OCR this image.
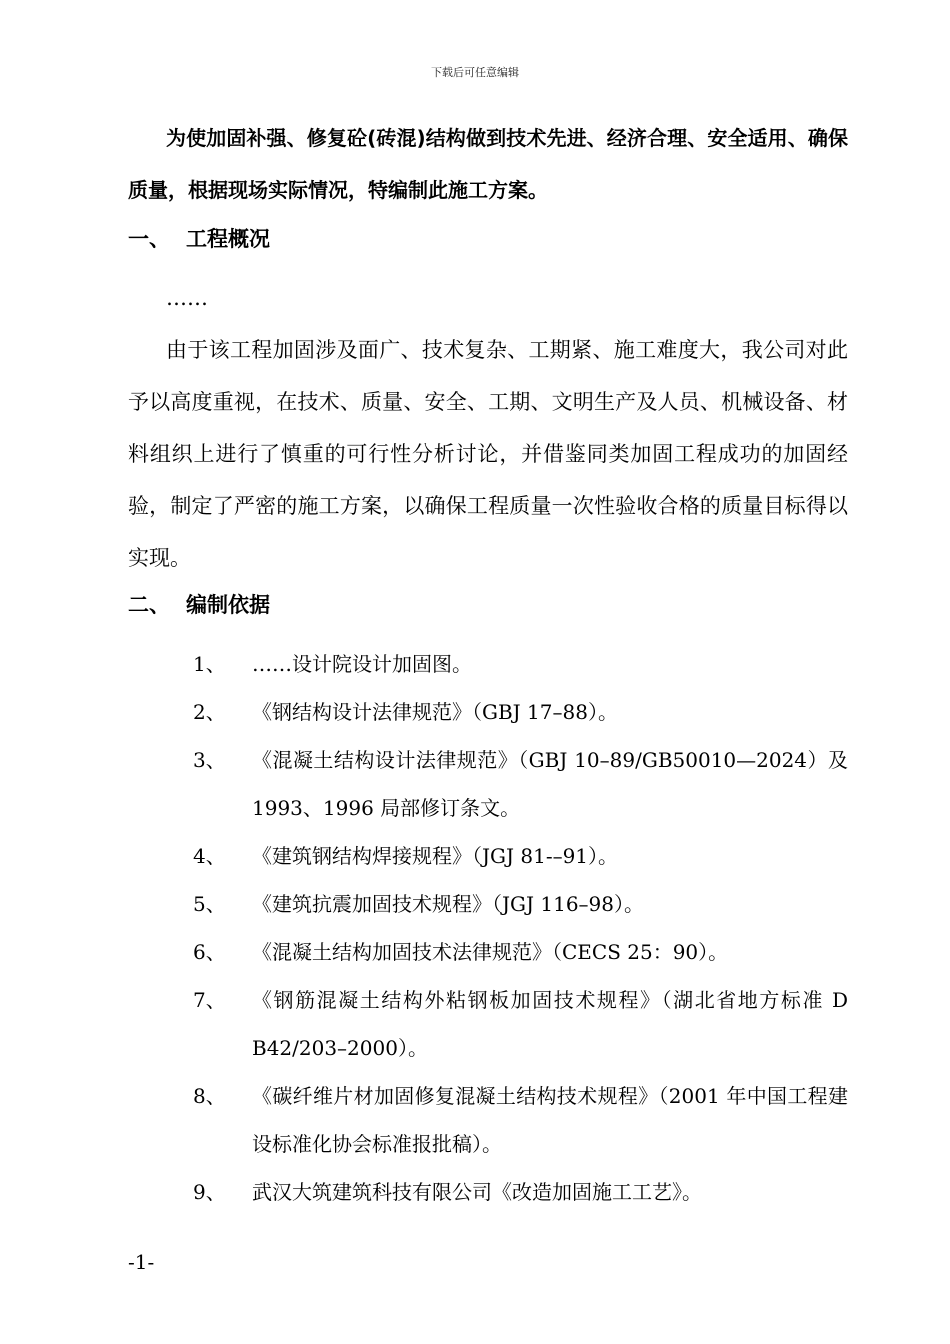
下载后可任意编辑

为使加固补强、修复砼(砖混)结构做到技术先进、经济合理、安全适用、确保质量，根据现场实际情况，特编制此施工方案。

一、 工程概况

……

由于该工程加固涉及面广、技术复杂、工期紧、施工难度大，我公司对此予以高度重视，在技术、质量、安全、工期、文明生产及人员、机械设备、材料组织上进行了慎重的可行性分析讨论，并借鉴同类加固工程成功的加固经验，制定了严密的施工方案，以确保工程质量一次性验收合格的质量目标得以实现。

二、 编制依据
1、 ……设计院设计加固图。
2、 《钢结构设计法律规范》（GBJ 17–88）。
3、 《混凝土结构设计法律规范》（GBJ 10–89/GB50010—2024）及 1993、1996 局部修订条文。
4、 《建筑钢结构焊接规程》（JGJ 81-–91）。
5、 《建筑抗震加固技术规程》（JGJ 116–98）。
6、 《混凝土结构加固技术法律规范》（CECS 25：90）。
7、 《钢筋混凝土结构外粘钢板加固技术规程》（湖北省地方标准 D B42/203–2000）。
8、 《碳纤维片材加固修复混凝土结构技术规程》（2001 年中国工程建设标准化协会标准报批稿）。
9、 武汉大筑建筑科技有限公司《改造加固施工工艺》。
-1-
